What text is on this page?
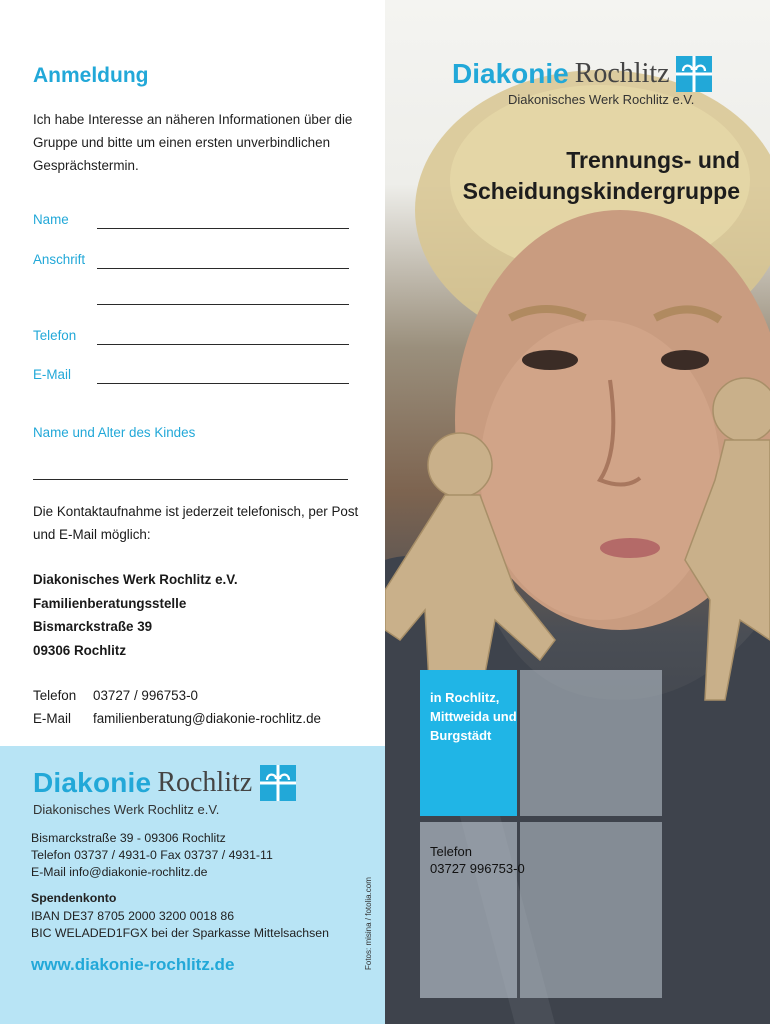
Anmeldung

Ich habe Interesse an näheren Informationen über die Gruppe und bitte um einen ersten unverbindlichen Gesprächstermin.

Name
Anschrift
Telefon
E-Mail
Name und Alter des Kindes

Die Kontaktaufnahme ist jederzeit telefonisch, per Post und E-Mail möglich:

Diakonisches Werk Rochlitz e.V.
Familienberatungsstelle
Bismarckstraße 39
09306 Rochlitz
Telefon	03727 / 996753-0
E-Mail	familienberatung@diakonie-rochlitz.de
Diakonie Rochlitz
Diakonisches Werk Rochlitz e.V.
Bismarckstraße 39 - 09306 Rochlitz
Telefon 03737 / 4931-0 Fax 03737 / 4931-11
E-Mail info@diakonie-rochlitz.de
Spendenkonto
IBAN DE37 8705 2000 3200 0018 86
BIC WELADED1FGX bei der Sparkasse Mittelsachsen
www.diakonie-rochlitz.de	Fotos: misina / fotolia.com
Diakonie Rochlitz
Diakonisches Werk Rochlitz e.V.
Trennungs- und
Scheidungskindergruppe
in Rochlitz,
Mittweida und
Burgstädt
Telefon
03727 996753-0
